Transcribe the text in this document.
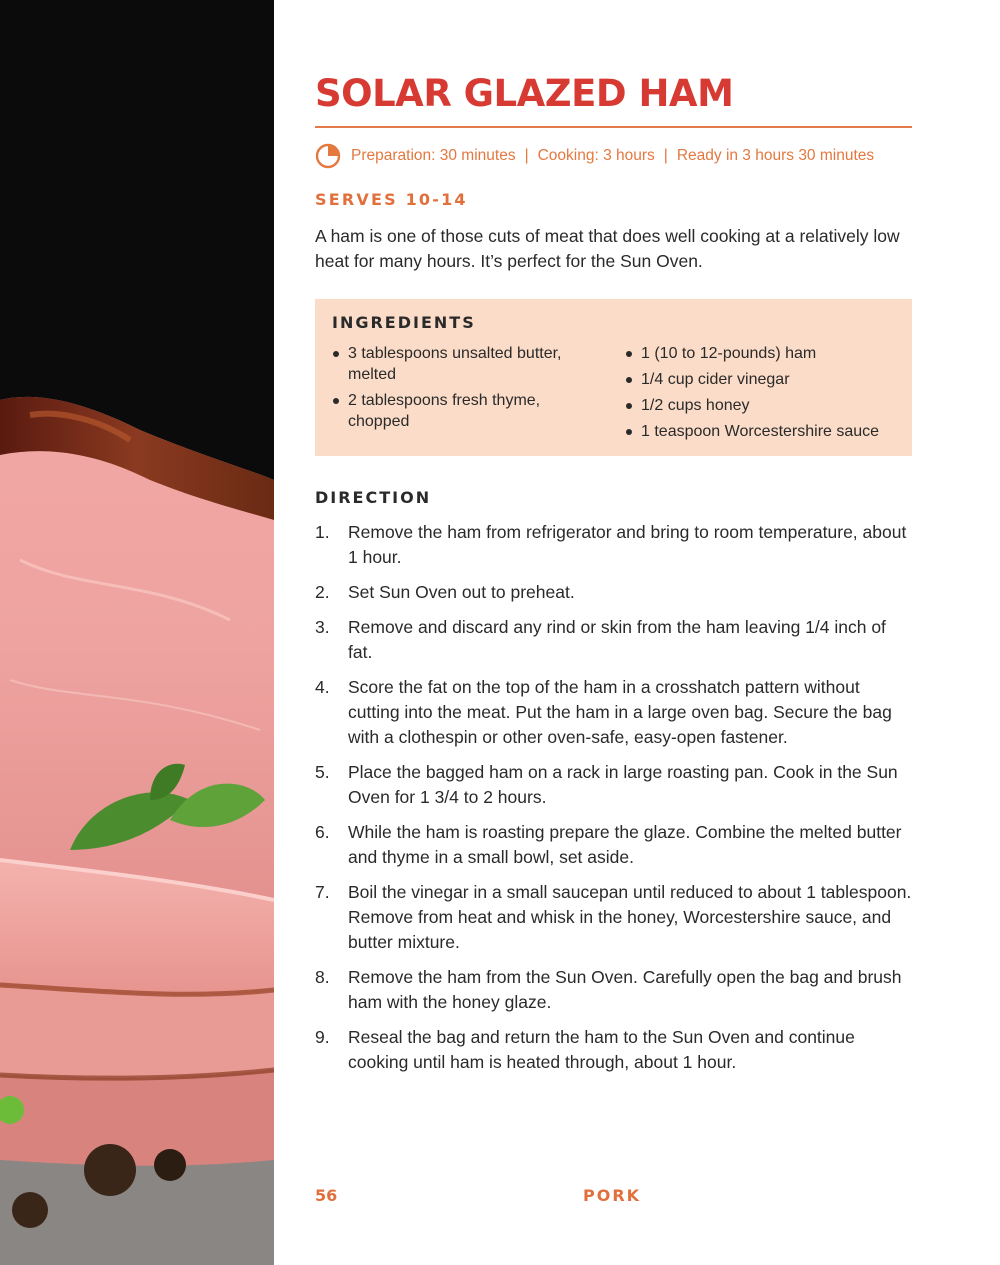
SOLAR GLAZED HAM
Preparation: 30 minutes | Cooking: 3 hours | Ready in 3 hours 30 minutes
SERVES 10-14

A ham is one of those cuts of meat that does well cooking at a relatively low heat for many hours. It’s perfect for the Sun Oven.

INGREDIENTS
3 tablespoons unsalted butter, melted
2 tablespoons fresh thyme, chopped
1 (10 to 12-pounds) ham
1/4 cup cider vinegar
1/2 cups honey
1 teaspoon Worcestershire sauce
DIRECTION
1. Remove the ham from refrigerator and bring to room temperature, about 1 hour.
2. Set Sun Oven out to preheat.
3. Remove and discard any rind or skin from the ham leaving 1/4 inch of fat.
4. Score the fat on the top of the ham in a crosshatch pattern without cutting into the meat. Put the ham in a large oven bag. Secure the bag with a clothespin or other oven-safe, easy-open fastener.
5. Place the bagged ham on a rack in large roasting pan. Cook in the Sun Oven for 1 3/4 to 2 hours.
6. While the ham is roasting prepare the glaze. Combine the melted butter and thyme in a small bowl, set aside.
7. Boil the vinegar in a small saucepan until reduced to about 1 tablespoon. Remove from heat and whisk in the honey, Worcestershire sauce, and butter mixture.
8. Remove the ham from the Sun Oven. Carefully open the bag and brush ham with the honey glaze.
9. Reseal the bag and return the ham to the Sun Oven and continue cooking until ham is heated through, about 1 hour.
56	PORK
